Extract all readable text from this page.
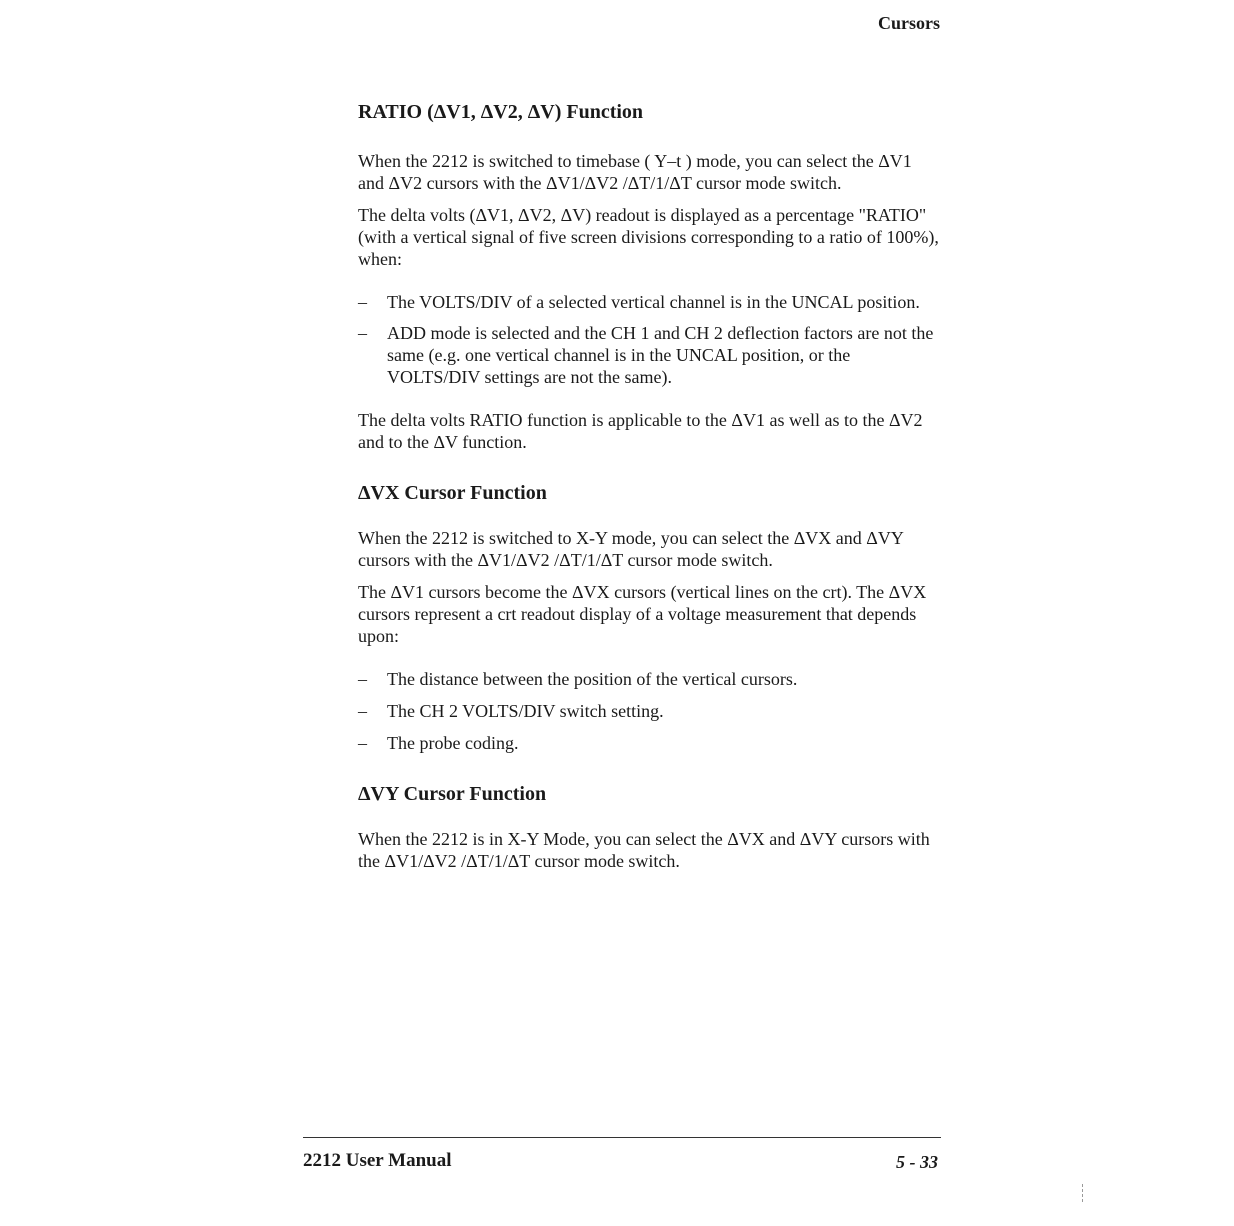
Cursors
RATIO (ΔV1, ΔV2, ΔV) Function

When the 2212 is switched to timebase ( Y–t ) mode, you can select the ΔV1 and ΔV2 cursors with the ΔV1/ΔV2 /ΔT/1/ΔT cursor mode switch.

The delta volts (ΔV1, ΔV2, ΔV) readout is displayed as a percentage "RATIO" (with a vertical signal of five screen divisions corresponding to a ratio of 100%), when:

– The VOLTS/DIV of a selected vertical channel is in the UNCAL position.
– ADD mode is selected and the CH 1 and CH 2 deflection factors are not the same (e.g. one vertical channel is in the UNCAL position, or the VOLTS/DIV settings are not the same).

The delta volts RATIO function is applicable to the ΔV1 as well as to the ΔV2 and to the ΔV function.

ΔVX Cursor Function

When the 2212 is switched to X-Y mode, you can select the ΔVX and ΔVY cursors with the ΔV1/ΔV2 /ΔT/1/ΔT cursor mode switch.

The ΔV1 cursors become the ΔVX cursors (vertical lines on the crt). The ΔVX cursors represent a crt readout display of a voltage measurement that depends upon:

– The distance between the position of the vertical cursors.
– The CH 2 VOLTS/DIV switch setting.
– The probe coding.
ΔVY Cursor Function

When the 2212 is in X-Y Mode, you can select the ΔVX and ΔVY cursors with the ΔV1/ΔV2 /ΔT/1/ΔT cursor mode switch.

2212 User Manual	5 - 33
